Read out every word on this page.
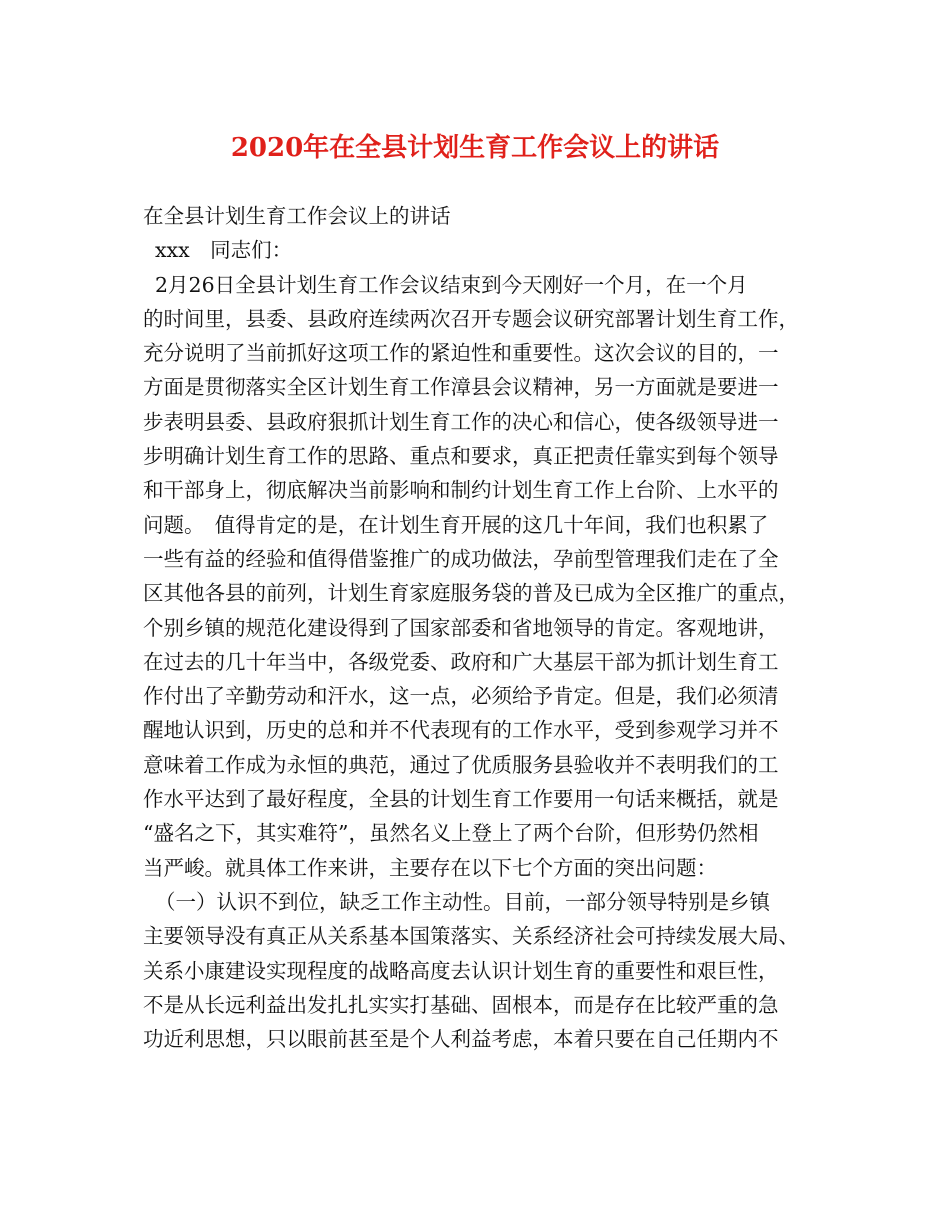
2020年在全县计划生育工作会议上的讲话
在全县计划生育工作会议上的讲话
xxx　同志们：
2月26日全县计划生育工作会议结束到今天刚好一个月，在一个月
的时间里，县委、县政府连续两次召开专题会议研究部署计划生育工作，
充分说明了当前抓好这项工作的紧迫性和重要性。这次会议的目的，一
方面是贯彻落实全区计划生育工作漳县会议精神，另一方面就是要进一
步表明县委、县政府狠抓计划生育工作的决心和信心，使各级领导进一
步明确计划生育工作的思路、重点和要求，真正把责任靠实到每个领导
和干部身上，彻底解决当前影响和制约计划生育工作上台阶、上水平的
问题。　值得肯定的是，在计划生育开展的这几十年间，我们也积累了
一些有益的经验和值得借鉴推广的成功做法，孕前型管理我们走在了全
区其他各县的前列，计划生育家庭服务袋的普及已成为全区推广的重点，
个别乡镇的规范化建设得到了国家部委和省地领导的肯定。客观地讲，
在过去的几十年当中，各级党委、政府和广大基层干部为抓计划生育工
作付出了辛勤劳动和汗水，这一点，必须给予肯定。但是，我们必须清
醒地认识到，历史的总和并不代表现有的工作水平，受到参观学习并不
意味着工作成为永恒的典范，通过了优质服务县验收并不表明我们的工
作水平达到了最好程度，全县的计划生育工作要用一句话来概括，就是
“盛名之下，其实难符”，虽然名义上登上了两个台阶，但形势仍然相
当严峻。就具体工作来讲，主要存在以下七个方面的突出问题：
（一）认识不到位，缺乏工作主动性。目前，一部分领导特别是乡镇
主要领导没有真正从关系基本国策落实、关系经济社会可持续发展大局、
关系小康建设实现程度的战略高度去认识计划生育的重要性和艰巨性，
不是从长远利益出发扎扎实实打基础、固根本，而是存在比较严重的急
功近利思想，只以眼前甚至是个人利益考虑，本着只要在自己任期内不
